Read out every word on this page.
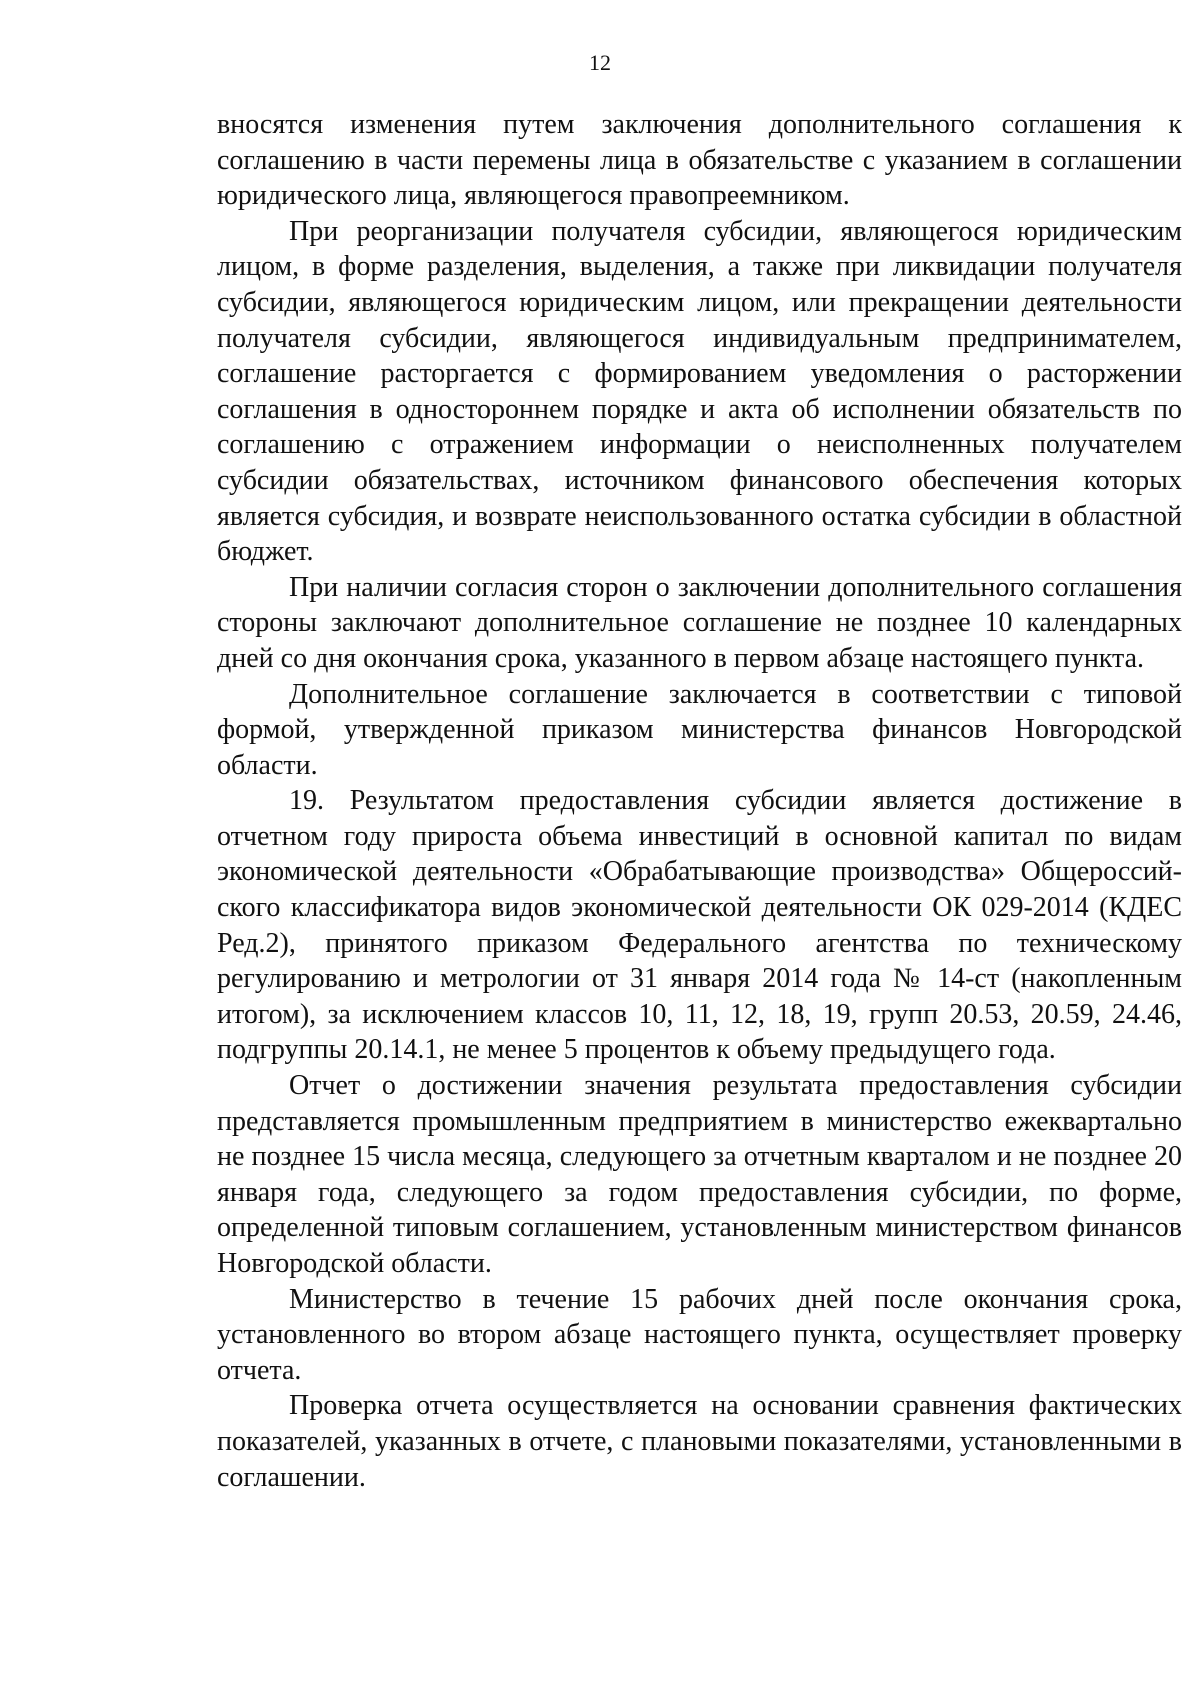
12

вносятся изменения путем заключения дополнительного соглашения к соглашению в части перемены лица в обязательстве с указанием в соглашении юридического лица, являющегося правопреемником.

При реорганизации получателя субсидии, являющегося юридическим лицом, в форме разделения, выделения, а также при ликвидации получателя субсидии, являющегося юридическим лицом, или прекращении деятельности получателя субсидии, являющегося индивидуальным предпринимателем, соглашение расторгается с формированием уведомления о расторжении соглашения в одностороннем порядке и акта об исполнении обязательств по соглашению с отражением информации о неисполненных получателем субсидии обязательствах, источником финансового обеспечения которых является субсидия, и возврате неиспользованного остатка субсидии в областной бюджет.

При наличии согласия сторон о заключении дополнительного соглашения стороны заключают дополнительное соглашение не позднее 10 календарных дней со дня окончания срока, указанного в первом абзаце настоящего пункта.

Дополнительное соглашение заключается в соответствии с типовой формой, утвержденной приказом министерства финансов Новгородской области.

19. Результатом предоставления субсидии является достижение в отчетном году прироста объема инвестиций в основной капитал по видам экономической деятельности «Обрабатывающие производства» Общероссийского классификатора видов экономической деятельности ОК 029-2014 (КДЕС Ред.2), принятого приказом Федерального агентства по техническому регулированию и метрологии от 31 января 2014 года № 14-ст (накопленным итогом), за исключением классов 10, 11, 12, 18, 19, групп 20.53, 20.59, 24.46, подгруппы 20.14.1, не менее 5 процентов к объему предыдущего года.

Отчет о достижении значения результата предоставления субсидии представляется промышленным предприятием в министерство ежеквартально не позднее 15 числа месяца, следующего за отчетным кварталом и не позднее 20 января года, следующего за годом предоставления субсидии, по форме, определенной типовым соглашением, установленным министерством финансов Новгородской области.

Министерство в течение 15 рабочих дней после окончания срока, установленного во втором абзаце настоящего пункта, осуществляет проверку отчета.

Проверка отчета осуществляется на основании сравнения фактических показателей, указанных в отчете, с плановыми показателями, установленными в соглашении.
